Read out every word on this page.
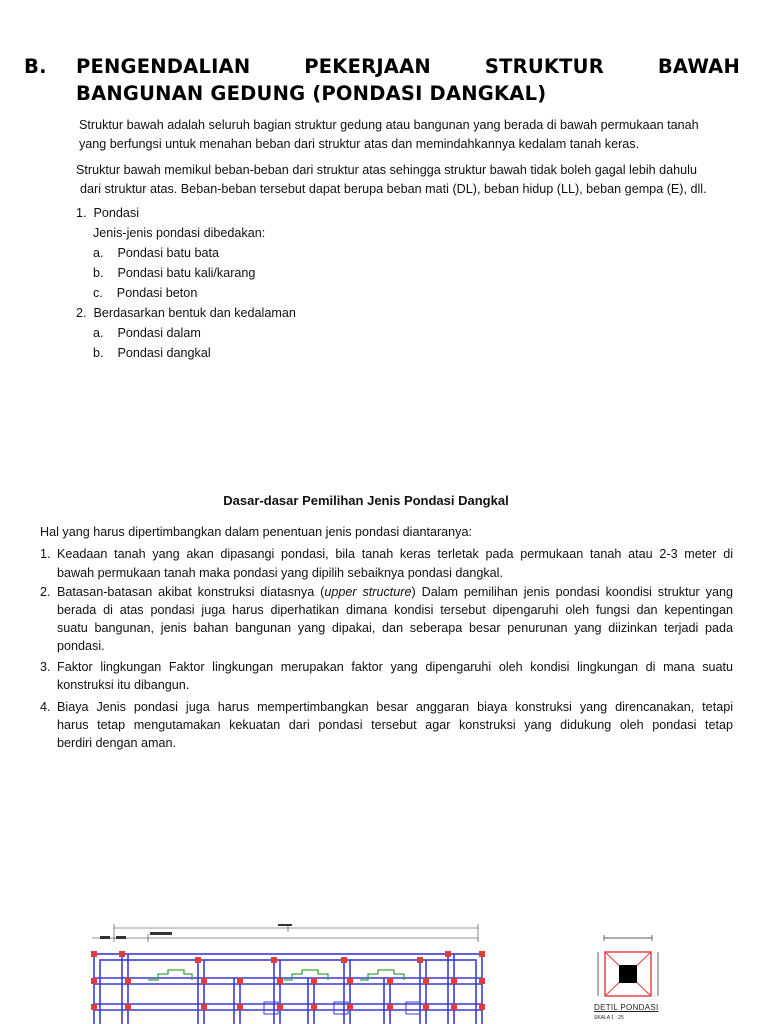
B. PENGENDALIAN	PEKERJAAN	STRUKTUR	BAWAH
BANGUNAN GEDUNG (PONDASI DANGKAL)
Struktur bawah adalah seluruh bagian struktur gedung atau bangunan yang berada di bawah permukaan tanah
yang berfungsi untuk menahan beban dari struktur atas dan memindahkannya kedalam tanah keras.
Struktur bawah memikul beban-beban dari struktur atas sehingga struktur bawah tidak boleh gagal lebih dahulu
dari struktur atas. Beban-beban tersebut dapat berupa beban mati (DL), beban hidup (LL), beban gempa (E), dll.
1.  Pondasi
Jenis-jenis pondasi dibedakan:
a.    Pondasi batu bata
b.    Pondasi batu kali/karang
c.    Pondasi beton
2.  Berdasarkan bentuk dan kedalaman
a.    Pondasi dalam
b.    Pondasi dangkal
Dasar-dasar Pemilihan Jenis Pondasi Dangkal
Hal yang harus dipertimbangkan dalam penentuan jenis pondasi diantaranya:
1. Keadaan tanah yang akan dipasangi pondasi, bila tanah keras terletak pada permukaan tanah atau 2-3 meter di
bawah permukaan tanah maka pondasi yang dipilih sebaiknya pondasi dangkal.
2. Batasan-batasan akibat konstruksi diatasnya (upper structure) Dalam pemilihan jenis pondasi koondisi struktur yang
berada di atas pondasi juga harus diperhatikan dimana kondisi tersebut dipengaruhi oleh fungsi dan kepentingan
suatu bangunan, jenis bahan bangunan yang dipakai, dan seberapa besar penurunan yang diizinkan terjadi pada
pondasi.
3. Faktor lingkungan Faktor lingkungan merupakan faktor yang dipengaruhi oleh kondisi lingkungan di mana suatu
konstruksi itu dibangun.
4. Biaya Jenis pondasi juga harus mempertimbangkan besar anggaran biaya konstruksi yang direncanakan, tetapi
harus tetap mengutamakan kekuatan dari pondasi tersebut agar konstruksi yang didukung oleh pondasi tetap
berdiri dengan aman.
DETIL PONDASI
SKALA 1 : 25
